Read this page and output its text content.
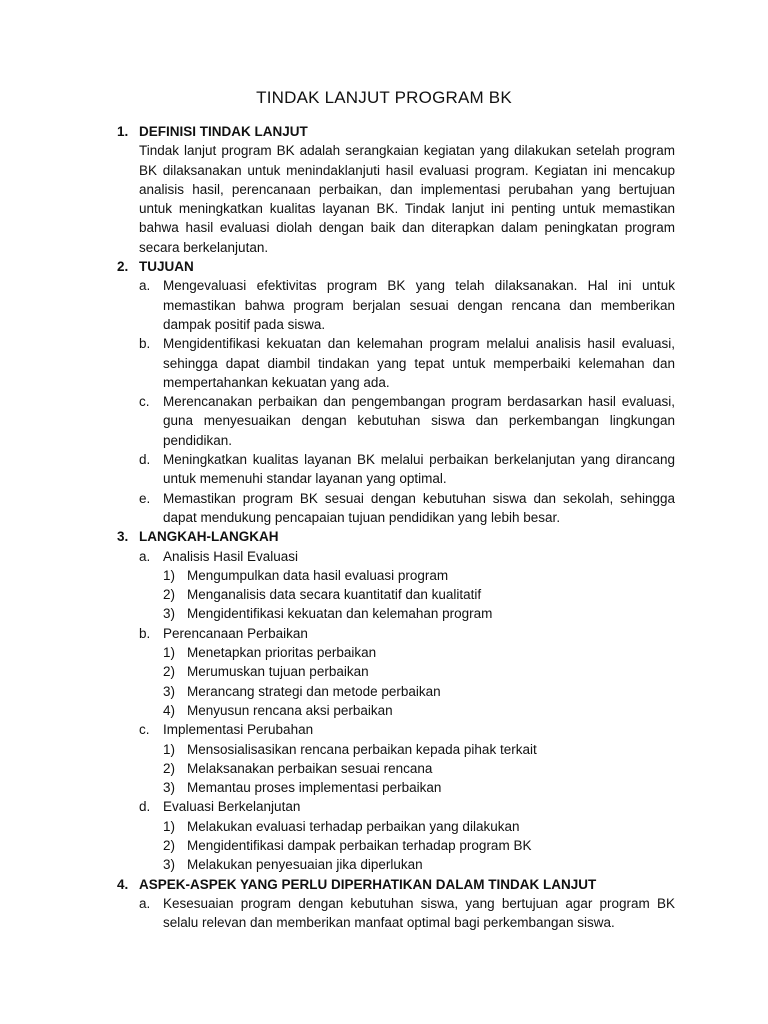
TINDAK LANJUT PROGRAM BK
1. DEFINISI TINDAK LANJUT
Tindak lanjut program BK adalah serangkaian kegiatan yang dilakukan setelah program BK dilaksanakan untuk menindaklanjuti hasil evaluasi program. Kegiatan ini mencakup analisis hasil, perencanaan perbaikan, dan implementasi perubahan yang bertujuan untuk meningkatkan kualitas layanan BK. Tindak lanjut ini penting untuk memastikan bahwa hasil evaluasi diolah dengan baik dan diterapkan dalam peningkatan program secara berkelanjutan.
2. TUJUAN
a. Mengevaluasi efektivitas program BK yang telah dilaksanakan. Hal ini untuk memastikan bahwa program berjalan sesuai dengan rencana dan memberikan dampak positif pada siswa.
b. Mengidentifikasi kekuatan dan kelemahan program melalui analisis hasil evaluasi, sehingga dapat diambil tindakan yang tepat untuk memperbaiki kelemahan dan mempertahankan kekuatan yang ada.
c. Merencanakan perbaikan dan pengembangan program berdasarkan hasil evaluasi, guna menyesuaikan dengan kebutuhan siswa dan perkembangan lingkungan pendidikan.
d. Meningkatkan kualitas layanan BK melalui perbaikan berkelanjutan yang dirancang untuk memenuhi standar layanan yang optimal.
e. Memastikan program BK sesuai dengan kebutuhan siswa dan sekolah, sehingga dapat mendukung pencapaian tujuan pendidikan yang lebih besar.
3. LANGKAH-LANGKAH
a. Analisis Hasil Evaluasi
1) Mengumpulkan data hasil evaluasi program
2) Menganalisis data secara kuantitatif dan kualitatif
3) Mengidentifikasi kekuatan dan kelemahan program
b. Perencanaan Perbaikan
1) Menetapkan prioritas perbaikan
2) Merumuskan tujuan perbaikan
3) Merancang strategi dan metode perbaikan
4) Menyusun rencana aksi perbaikan
c. Implementasi Perubahan
1) Mensosialisasikan rencana perbaikan kepada pihak terkait
2) Melaksanakan perbaikan sesuai rencana
3) Memantau proses implementasi perbaikan
d. Evaluasi Berkelanjutan
1) Melakukan evaluasi terhadap perbaikan yang dilakukan
2) Mengidentifikasi dampak perbaikan terhadap program BK
3) Melakukan penyesuaian jika diperlukan
4. ASPEK-ASPEK YANG PERLU DIPERHATIKAN DALAM TINDAK LANJUT
a. Kesesuaian program dengan kebutuhan siswa, yang bertujuan agar program BK selalu relevan dan memberikan manfaat optimal bagi perkembangan siswa.
